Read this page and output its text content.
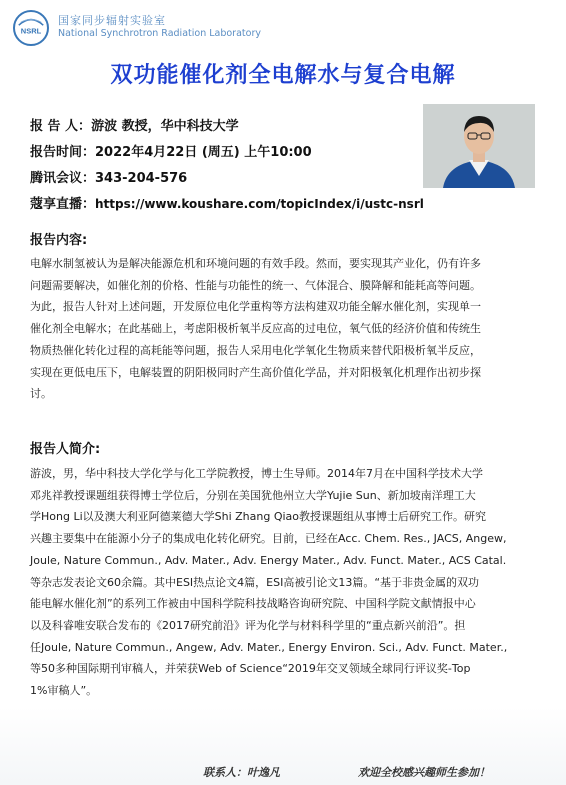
NSRL
国家同步辐射实验室
National Synchrotron Radiation Laboratory
双功能催化剂全电解水与复合电解
报 告 人：游波 教授，华中科技大学
报告时间：2022年4月22日 (周五) 上午10:00
腾讯会议：343-204-576
蔻享直播：https://www.koushare.com/topicIndex/i/ustc-nsrl
报告内容:
电解水制氢被认为是解决能源危机和环境问题的有效手段。然而，要实现其产业化，仍有许多
问题需要解决，如催化剂的价格、性能与功能性的统一、气体混合、膜降解和能耗高等问题。
为此，报告人针对上述问题，开发原位电化学重构等方法构建双功能全解水催化剂，实现单一
催化剂全电解水；在此基础上，考虑阳极析氧半反应高的过电位，氧气低的经济价值和传统生
物质热催化转化过程的高耗能等问题，报告人采用电化学氧化生物质来替代阳极析氧半反应，
实现在更低电压下，电解装置的阴阳极同时产生高价值化学品，并对阳极氧化机理作出初步探
讨。
报告人简介:
游波，男，华中科技大学化学与化工学院教授，博士生导师。2014年7月在中国科学技术大学
邓兆祥教授课题组获得博士学位后，分别在美国犹他州立大学Yujie Sun、新加坡南洋理工大
学Hong Li以及澳大利亚阿德莱德大学Shi Zhang Qiao教授课题组从事博士后研究工作。研究
兴趣主要集中在能源小分子的集成电化转化研究。目前，已经在Acc. Chem. Res., JACS, Angew,
Joule, Nature Commun., Adv. Mater., Adv. Energy Mater., Adv. Funct. Mater., ACS Catal.
等杂志发表论文60余篇。其中ESI热点论文4篇，ESI高被引论文13篇。“基于非贵金属的双功
能电解水催化剂”的系列工作被由中国科学院科技战略咨询研究院、中国科学院文献情报中心
以及科睿唯安联合发布的《2017研究前沿》评为化学与材料科学里的“重点新兴前沿”。担
任Joule, Nature Commun., Angew, Adv. Mater., Energy Environ. Sci., Adv. Funct. Mater.,
等50多种国际期刊审稿人，并荣获Web of Science“2019年交叉领域全球同行评议奖-Top
1%审稿人”。
联系人：叶逸凡	欢迎全校感兴趣师生参加！
